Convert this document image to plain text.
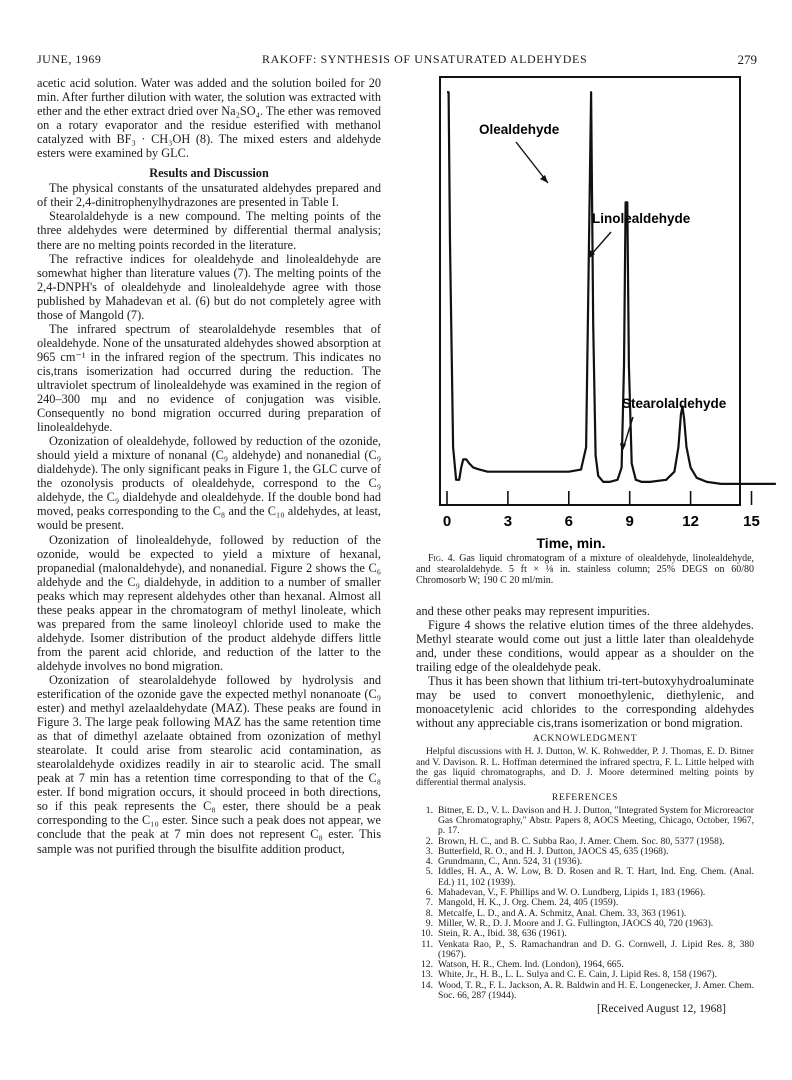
JUNE, 1969	RAKOFF: SYNTHESIS OF UNSATURATED ALDEHYDES	279

acetic acid solution. Water was added and the solution boiled for 20 min. After further dilution with water, the solution was extracted with ether and the ether extract dried over Na₂SO₄. The ether was removed on a rotary evaporator and the residue esterified with methanol catalyzed with BF₃ · CH₃OH (8). The mixed esters and aldehyde esters were examined by GLC.

Results and Discussion

The physical constants of the unsaturated aldehydes prepared and of their 2,4-dinitrophenylhydrazones are presented in Table I.

Stearolaldehyde is a new compound. The melting points of the three aldehydes were determined by differential thermal analysis; there are no melting points recorded in the literature.

The refractive indices for olealdehyde and linolealdehyde are somewhat higher than literature values (7). The melting points of the 2,4-DNPH's of olealdehyde and linolealdehyde agree with those published by Mahadevan et al. (6) but do not completely agree with those of Mangold (7).

The infrared spectrum of stearolaldehyde resembles that of olealdehyde. None of the unsaturated aldehydes showed absorption at 965 cm⁻¹ in the infrared region of the spectrum. This indicates no cis,trans isomerization had occurred during the reduction. The ultraviolet spectrum of linolealdehyde was examined in the region of 240–300 mμ and no evidence of conjugation was visible. Consequently no bond migration occurred during preparation of linolealdehyde.

Ozonization of olealdehyde, followed by reduction of the ozonide, should yield a mixture of nonanal (C₉ aldehyde) and nonanedial (C₉ dialdehyde). The only significant peaks in Figure 1, the GLC curve of the ozonolysis products of olealdehyde, correspond to the C₉ aldehyde, the C₉ dialdehyde and olealdehyde. If the double bond had moved, peaks corresponding to the C₈ and the C₁₀ aldehydes, at least, would be present.

Ozonization of linolealdehyde, followed by reduction of the ozonide, would be expected to yield a mixture of hexanal, propanedial (malonaldehyde), and nonanedial. Figure 2 shows the C₆ aldehyde and the C₉ dialdehyde, in addition to a number of smaller peaks which may represent aldehydes other than hexanal. Almost all these peaks appear in the chromatogram of methyl linoleate, which was prepared from the same linoleoyl chloride used to make the aldehyde. Isomer distribution of the product aldehyde differs little from the parent acid chloride, and reduction of the latter to the aldehyde involves no bond migration.

Ozonization of stearolaldehyde followed by hydrolysis and esterification of the ozonide gave the expected methyl nonanoate (C₉ ester) and methyl azelaaldehydate (MAZ). These peaks are found in Figure 3. The large peak following MAZ has the same retention time as that of dimethyl azelaate obtained from ozonization of methyl stearolate. It could arise from stearolic acid contamination, as stearolaldehyde oxidizes readily in air to stearolic acid. The small peak at 7 min has a retention time corresponding to that of the C₈ ester. If bond migration occurs, it should proceed in both directions, so if this peak represents the C₈ ester, there should be a peak corresponding to the C₁₀ ester. Since such a peak does not appear, we conclude that the peak at 7 min does not represent C₈ ester. This sample was not purified through the bisulfite addition product,

Olealdehyde
Linolealdehyde
Stearolaldehyde
0	3	6	9	12	15
Time, min.

Fig. 4. Gas liquid chromatogram of a mixture of olealdehyde, linolealdehyde, and stearolaldehyde. 5 ft × ⅛ in. stainless column; 25% DEGS on 60/80 Chromosorb W; 190 C 20 ml/min.

and these other peaks may represent impurities.

Figure 4 shows the relative elution times of the three aldehydes. Methyl stearate would come out just a little later than olealdehyde and, under these conditions, would appear as a shoulder on the trailing edge of the olealdehyde peak.

Thus it has been shown that lithium tri-tert-butoxyhydroaluminate may be used to convert monoethylenic, diethylenic, and monoacetylenic acid chlorides to the corresponding aldehydes without any appreciable cis,trans isomerization or bond migration.

ACKNOWLEDGMENT

Helpful discussions with H. J. Dutton, W. K. Rohwedder, P. J. Thomas, E. D. Bitner and V. Davison. R. L. Hoffman determined the infrared spectra, F. L. Little helped with the gas liquid chromatographs, and D. J. Moore determined melting points by differential thermal analysis.

REFERENCES
1. Bitner, E. D., V. L. Davison and H. J. Dutton, "Integrated System for Microreactor Gas Chromatography," Abstr. Papers 8, AOCS Meeting, Chicago, October, 1967, p. 17.
2. Brown, H. C., and B. C. Subba Rao, J. Amer. Chem. Soc. 80, 5377 (1958).
3. Butterfield, R. O., and H. J. Dutton, JAOCS 45, 635 (1968).
4. Grundmann, C., Ann. 524, 31 (1936).
5. Iddles, H. A., A. W. Low, B. D. Rosen and R. T. Hart, Ind. Eng. Chem. (Anal. Ed.) 11, 102 (1939).
6. Mahadevan, V., F. Phillips and W. O. Lundberg, Lipids 1, 183 (1966).
7. Mangold, H. K., J. Org. Chem. 24, 405 (1959).
8. Metcalfe, L. D., and A. A. Schmitz, Anal. Chem. 33, 363 (1961).
9. Miller, W. R., D. J. Moore and J. G. Fullington, JAOCS 40, 720 (1963).
10. Stein, R. A., Ibid. 38, 636 (1961).
11. Venkata Rao, P., S. Ramachandran and D. G. Cornwell, J. Lipid Res. 8, 380 (1967).
12. Watson, H. R., Chem. Ind. (London), 1964, 665.
13. White, Jr., H. B., L. L. Sulya and C. E. Cain, J. Lipid Res. 8, 158 (1967).
14. Wood, T. R., F. L. Jackson, A. R. Baldwin and H. E. Longenecker, J. Amer. Chem. Soc. 66, 287 (1944).
[Received August 12, 1968]
